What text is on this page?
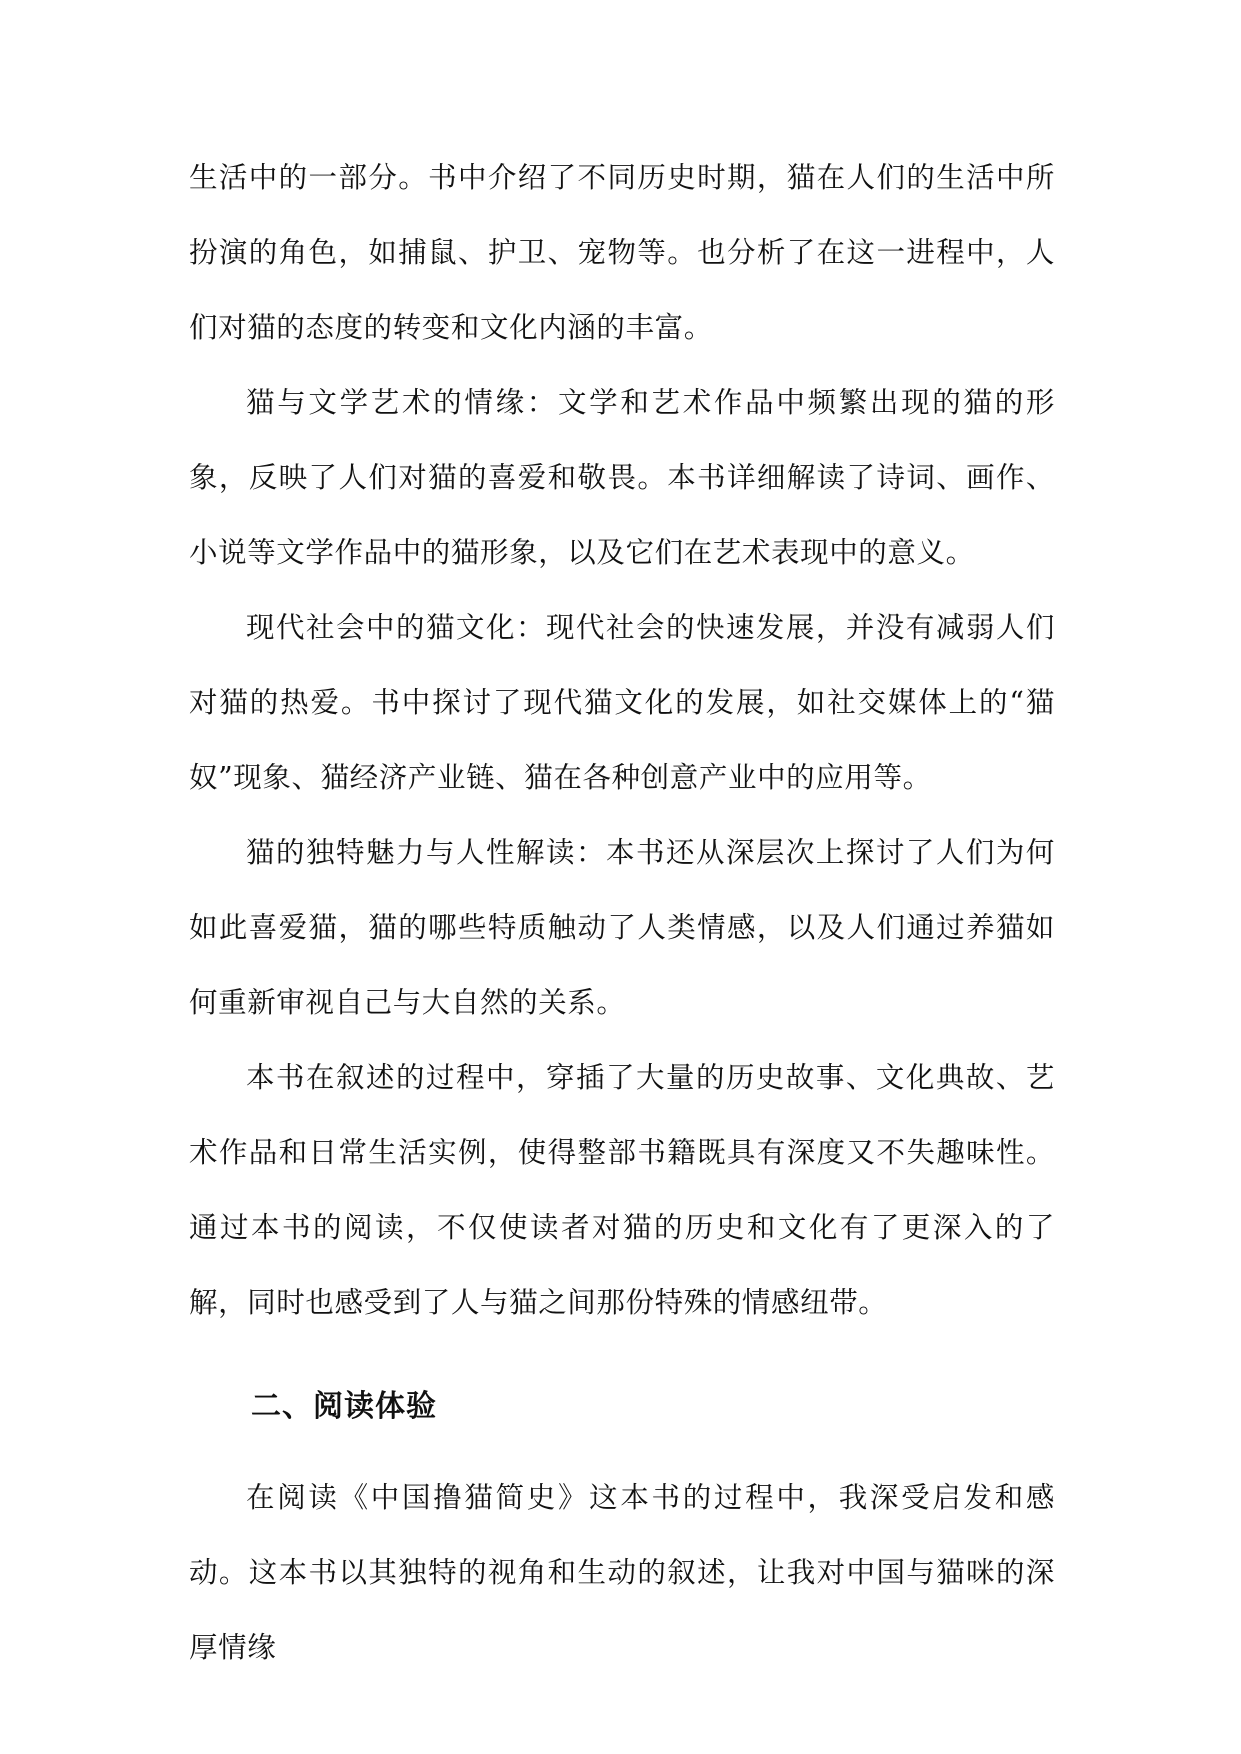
生活中的一部分。书中介绍了不同历史时期，猫在人们的生活中所扮演的角色，如捕鼠、护卫、宠物等。也分析了在这一进程中，人们对猫的态度的转变和文化内涵的丰富。

猫与文学艺术的情缘：文学和艺术作品中频繁出现的猫的形象，反映了人们对猫的喜爱和敬畏。本书详细解读了诗词、画作、小说等文学作品中的猫形象，以及它们在艺术表现中的意义。

现代社会中的猫文化：现代社会的快速发展，并没有减弱人们对猫的热爱。书中探讨了现代猫文化的发展，如社交媒体上的“猫奴”现象、猫经济产业链、猫在各种创意产业中的应用等。

猫的独特魅力与人性解读：本书还从深层次上探讨了人们为何如此喜爱猫，猫的哪些特质触动了人类情感，以及人们通过养猫如何重新审视自己与大自然的关系。

本书在叙述的过程中，穿插了大量的历史故事、文化典故、艺术作品和日常生活实例，使得整部书籍既具有深度又不失趣味性。通过本书的阅读，不仅使读者对猫的历史和文化有了更深入的了解，同时也感受到了人与猫之间那份特殊的情感纽带。

二、阅读体验

在阅读《中国撸猫简史》这本书的过程中，我深受启发和感动。这本书以其独特的视角和生动的叙述，让我对中国与猫咪的深厚情缘
